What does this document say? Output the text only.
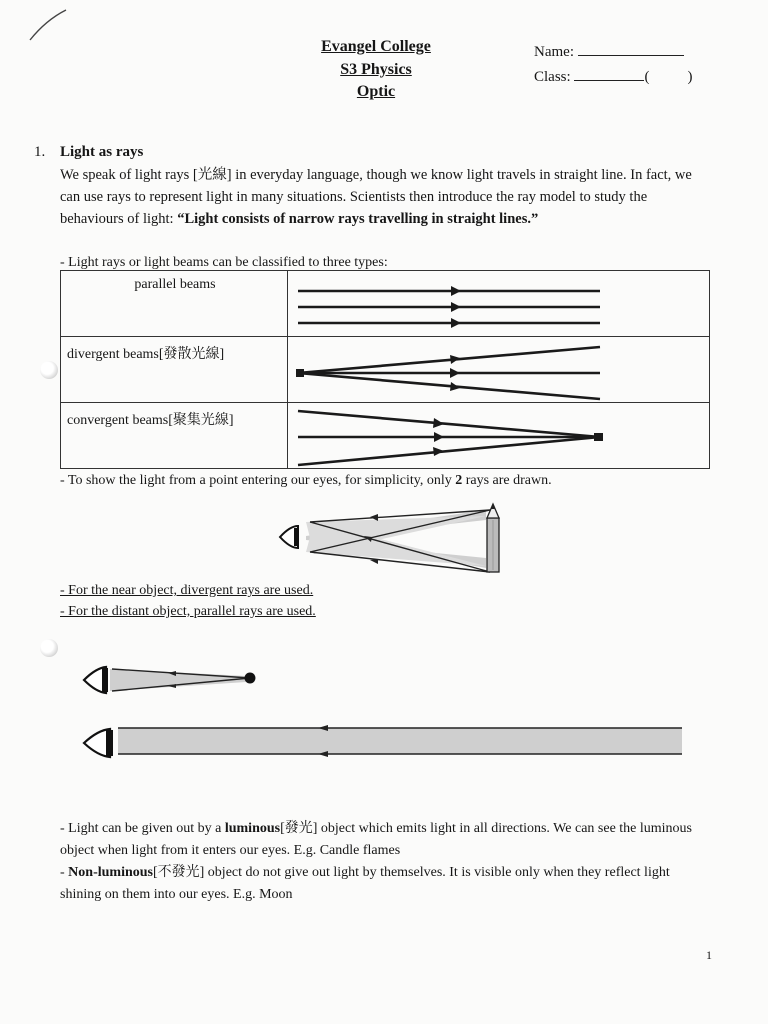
Evangel College
S3 Physics
Optic
Name:
Class:	(	)
1. Light as rays
We speak of light rays [光線] in everyday language, though we know light travels in straight line. In fact, we can use rays to represent light in many situations. Scientists then introduce the ray model to study the behaviours of light: “Light consists of narrow rays travelling in straight lines.”
- Light rays or light beams can be classified to three types:
parallel beams	

divergent beams[發散光線]	

convergent beams[聚集光線]	
- To show the light from a point entering our eyes, for simplicity, only 2 rays are drawn.
- For the near object, divergent rays are used.
- For the distant object, parallel rays are used.
- Light can be given out by a luminous[發光] object which emits light in all directions. We can see the luminous object when light from it enters our eyes. E.g. Candle flames
- Non-luminous[不發光] object do not give out light by themselves. It is visible only when they reflect light shining on them into our eyes. E.g. Moon
1
